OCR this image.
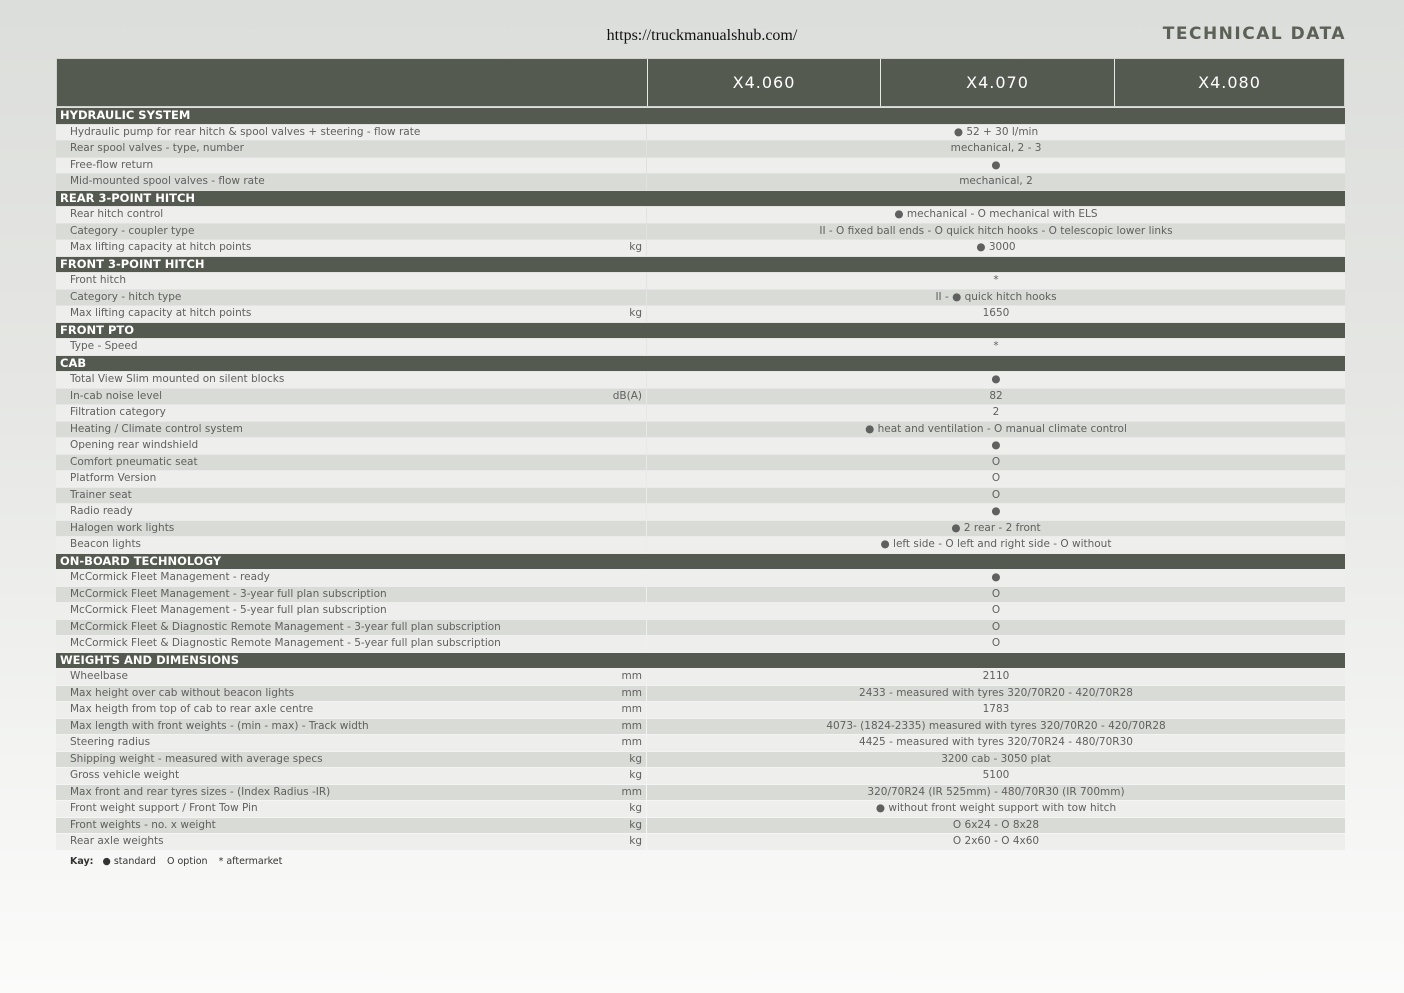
https://truckmanualshub.com/	TECHNICAL DATA
X4.060	X4.070	X4.080
HYDRAULIC SYSTEM
Hydraulic pump for rear hitch & spool valves + steering - flow rate	● 52 + 30 l/min
Rear spool valves - type, number	mechanical, 2 - 3
Free-flow return	●
Mid-mounted spool valves - flow rate	mechanical, 2
REAR 3-POINT HITCH
Rear hitch control	● mechanical - O mechanical with ELS
Category - coupler type	II - O fixed ball ends - O quick hitch hooks - O telescopic lower links
Max lifting capacity at hitch points	kg	● 3000
FRONT 3-POINT HITCH
Front hitch	*
Category - hitch type	II - ● quick hitch hooks
Max lifting capacity at hitch points	kg	1650
FRONT PTO
Type - Speed	*
CAB
Total View Slim mounted on silent blocks	●
In-cab noise level	dB(A)	82
Filtration category	2
Heating / Climate control system	● heat and ventilation - O manual climate control
Opening rear windshield	●
Comfort pneumatic seat	O
Platform Version	O
Trainer seat	O
Radio ready	●
Halogen work lights	● 2 rear - 2 front
Beacon lights	● left side - O left and right side - O without
ON-BOARD TECHNOLOGY
McCormick Fleet Management - ready	●
McCormick Fleet Management - 3-year full plan subscription	O
McCormick Fleet Management - 5-year full plan subscription	O
McCormick Fleet & Diagnostic Remote Management - 3-year full plan subscription	O
McCormick Fleet & Diagnostic Remote Management - 5-year full plan subscription	O
WEIGHTS AND DIMENSIONS
Wheelbase	mm	2110
Max height over cab without beacon lights	mm	2433 - measured with tyres 320/70R20 - 420/70R28
Max heigth from top of cab to rear axle centre	mm	1783
Max length with front weights - (min - max) - Track width	mm	4073- (1824-2335) measured with tyres 320/70R20 - 420/70R28
Steering radius	mm	4425 - measured with tyres 320/70R24 - 480/70R30
Shipping weight - measured with average specs	kg	3200 cab - 3050 plat
Gross vehicle weight	kg	5100
Max front and rear tyres sizes - (Index Radius -IR)	mm	320/70R24 (IR 525mm) - 480/70R30 (IR 700mm)
Front weight support / Front Tow Pin	kg	● without front weight support with tow hitch
Front weights - no. x weight	kg	O 6x24 - O 8x28
Rear axle weights	kg	O 2x60 - O 4x60
Kay: ● standard O option * aftermarket
